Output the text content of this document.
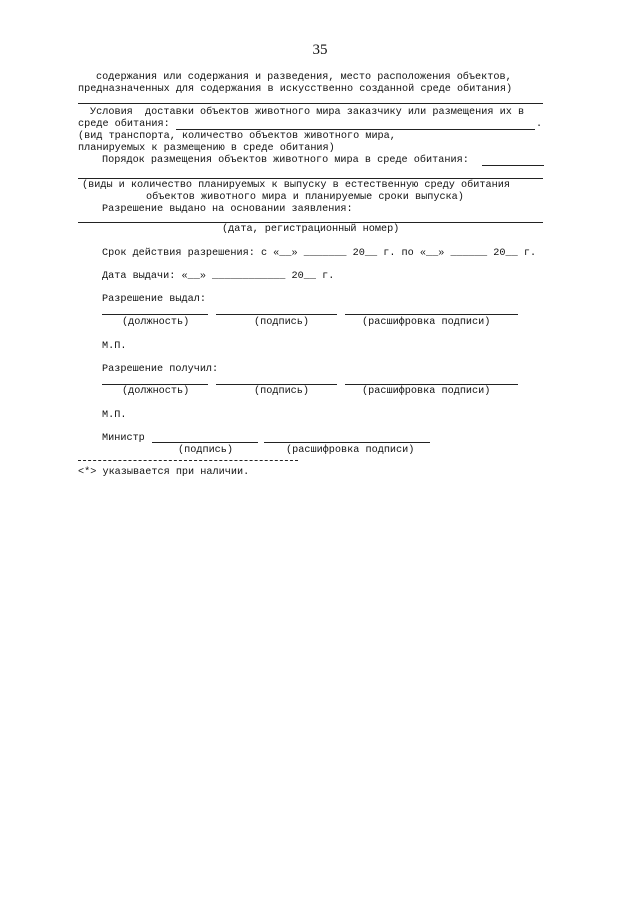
35
содержания или содержания и разведения, место расположения объектов,
предназначенных для содержания в искусственно созданной среде обитания)
Условия  доставки объектов животного мира заказчику или размещения их в
среде обитания:	.
(вид транспорта, количество объектов животного мира,
планируемых к размещению в среде обитания)
Порядок размещения объектов животного мира в среде обитания:
(виды и количество планируемых к выпуску в естественную среду обитания
объектов животного мира и планируемые сроки выпуска)
Разрешение выдано на основании заявления:
(дата, регистрационный номер)
Срок действия разрешения: с «__» _______ 20__ г. по «__» ______ 20__ г.
Дата выдачи: «__» ____________ 20__ г.
Разрешение выдал:
(должность)	(подпись)	(расшифровка подписи)
М.П.
Разрешение получил:
(должность)	(подпись)	(расшифровка подписи)
М.П.
Министр
(подпись)	(расшифровка подписи)
<*> указывается при наличии.
